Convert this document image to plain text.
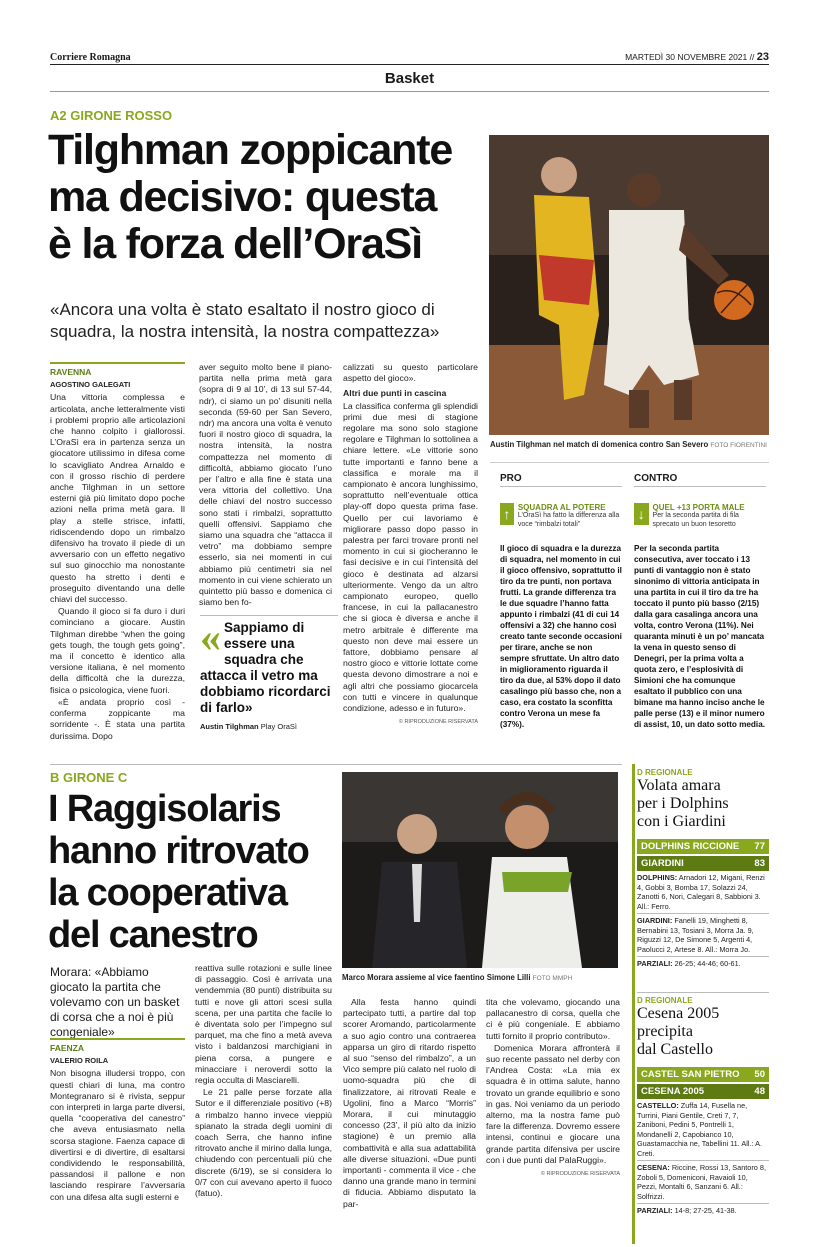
Corriere Romagna	MARTEDÌ 30 NOVEMBRE 2021 // 23
Basket
A2 GIRONE ROSSO
Tilghman zoppicante
ma decisivo: questa
è la forza dell’OraSì
«Ancora una volta è stato esaltato il nostro gioco di squadra, la nostra intensità, la nostra compattezza»
Austin Tilghman nel match di domenica contro San Severo FOTO FIORENTINI
RAVENNA
AGOSTINO GALEGATI

Una vittoria complessa e articolata, anche letteralmente visti i problemi proprio alle articolazioni che hanno colpito i giallorossi. L’OraSì era in partenza senza un giocatore utilissimo in difesa come lo scavigliato Andrea Arnaldo e con il grosso rischio di perdere anche Tilghman in un settore esterni già più limitato dopo poche azioni nella prima metà gara. Il play a stelle strisce, infatti, ridiscendendo dopo un rimbalzo difensivo ha trovato il piede di un avversario con un effetto negativo sul suo ginocchio ma nonostante questo ha stretto i denti e proseguito diventando una delle chiavi del successo.

Quando il gioco si fa duro i duri cominciano a giocare. Austin Tilghman direbbe “when the going gets tough, the tough gets going”, ma il concetto è identico alla versione italiana, è nel momento della difficoltà che la durezza, fisica o psicologica, viene fuori.

«È andata proprio così - conferma zoppicante ma sorridente -. È stata una partita durissima. Dopo

aver seguito molto bene il piano-partita nella prima metà gara (sopra di 9 al 10’, di 13 sul 57-44, ndr), ci siamo un po’ disuniti nella seconda (59-60 per San Severo, ndr) ma ancora una volta è venuto fuori il nostro gioco di squadra, la nostra intensità, la nostra compattezza nel momento di difficoltà, abbiamo giocato l’uno per l’altro e alla fine è stata una vera vittoria del collettivo. Una delle chiavi del nostro successo sono stati i rimbalzi, soprattutto quelli offensivi. Sappiamo che siamo una squadra che “attacca il vetro” ma dobbiamo sempre esserlo, sia nei momenti in cui abbiamo più centimetri sia nel momento in cui viene schierato un quintetto più basso e domenica ci siamo ben fo-

« Sappiamo di essere una squadra che attacca il vetro ma dobbiamo ricordarci di farlo»
Austin Tilghman Play OraSì

calizzati su questo particolare aspetto del gioco».

Altri due punti in cascina

La classifica conferma gli splendidi primi due mesi di stagione regolare ma sono solo stagione regolare e Tilghman lo sottolinea a chiare lettere. «Le vittorie sono tutte importanti e fanno bene a classifica e morale ma il campionato è ancora lunghissimo, soprattutto nell’eventuale ottica play-off dopo questa prima fase. Quello per cui lavoriamo è migliorare passo dopo passo in palestra per farci trovare pronti nel momento in cui si giocheranno le fasi decisive e in cui l’intensità del gioco è destinata ad alzarsi ulteriormente. Vengo da un altro campionato europeo, quello francese, in cui la pallacanestro che si gioca è diversa e anche il metro arbitrale è differente ma questo non deve mai essere un fattore, dobbiamo pensare al nostro gioco e vittorie lottate come questa devono dimostrare a noi e agli altri che possiamo giocarcela con tutti e vincere in qualunque condizione, adesso e in futuro».

© RIPRODUZIONE RISERVATA
PRO
↑ SQUADRA AL POTERE
L’OraSì ha fatto la differenza alla voce “rimbalzi totali”
Il gioco di squadra e la durezza di squadra, nel momento in cui il gioco offensivo, soprattutto il tiro da tre punti, non portava frutti. La grande differenza tra le due squadre l’hanno fatta appunto i rimbalzi (41 di cui 14 offensivi a 32) che hanno così creato tante seconde occasioni per tirare, anche se non sempre sfruttate. Un altro dato in miglioramento riguarda il tiro da due, al 53% dopo il dato casalingo più basso che, non a caso, era costato la sconfitta contro Verona un mese fa (37%).
CONTRO
↓ QUEL +13 PORTA MALE
Per la seconda partita di fila sprecato un buon tesoretto
Per la seconda partita consecutiva, aver toccato i 13 punti di vantaggio non è stato sinonimo di vittoria anticipata in una partita in cui il tiro da tre ha toccato il punto più basso (2/15) dalla gara casalinga ancora una volta, contro Verona (11%). Nei quaranta minuti è un po’ mancata la vena in questo senso di Denegri, per la prima volta a quota zero, e l’esplosività di Simioni che ha comunque esaltato il pubblico con una bimane ma hanno inciso anche le palle perse (13) e il minor numero di assist, 10, un dato sotto media.
B GIRONE C
I Raggisolaris
hanno ritrovato
la cooperativa
del canestro
Morara: «Abbiamo giocato la partita che volevamo con un basket di corsa che a noi è più congeniale»
Marco Morara assieme al vice faentino Simone Lilli FOTO MMPH
FAENZA
VALERIO ROILA

Non bisogna illudersi troppo, con questi chiari di luna, ma contro Montegranaro si è rivista, seppur con interpreti in larga parte diversi, quella “cooperativa del canestro” che aveva entusiasmato nella scorsa stagione. Faenza capace di divertirsi e di divertire, di esaltarsi condividendo le responsabilità, passandosi il pallone e non lasciando respirare l’avversaria con una difesa alta sugli esterni e

reattiva sulle rotazioni e sulle linee di passaggio. Così è arrivata una vendemmia (80 punti) distribuita su tutti e nove gli attori scesi sulla scena, per una partita che facile lo è diventata solo per l’impegno sul parquet, ma che fino a metà aveva visto i baldanzosi marchigiani in piena corsa, a pungere e minacciare i neroverdi sotto la regia occulta di Masciarelli.

Le 21 palle perse forzate alla Sutor e il differenziale positivo (+8) a rimbalzo hanno invece vieppiù spianato la strada degli uomini di coach Serra, che hanno infine ritrovato anche il mirino dalla lunga, chiudendo con percentuali più che discrete (6/19), se si considera lo 0/7 con cui avevano aperto il fuoco (fatuo).

Alla festa hanno quindi partecipato tutti, a partire dal top scorer Aromando, particolarmente a suo agio contro una contraerea apparsa un giro di ritardo rispetto al suo “senso del rimbalzo”, a un Vico sempre più calato nel ruolo di uomo-squadra più che di finalizzatore, ai ritrovati Reale e Ugolini, fino a Marco “Morris” Morara, il cui minutaggio concesso (23’, il più alto da inizio stagione) è un premio alla combattività e alla sua adattabilità alle diverse situazioni. «Due punti importanti - commenta il vice - che danno una grande mano in termini di fiducia. Abbiamo disputato la par-

tita che volevamo, giocando una pallacanestro di corsa, quella che ci è più congeniale. E abbiamo tutti fornito il proprio contributo».

Domenica Morara affronterà il suo recente passato nel derby con l’Andrea Costa: «La mia ex squadra è in ottima salute, hanno trovato un grande equilibrio e sono in gas. Noi veniamo da un periodo alterno, ma la nostra fame può fare la differenza. Dovremo essere intensi, continui e giocare una grande partita difensiva per uscire con i due punti dal PalaRuggi».

© RIPRODUZIONE RISERVATA
D REGIONALE
Volata amara
per i Dolphins
con i Giardini
DOLPHINS RICCIONE 77
GIARDINI	83
DOLPHINS: Arnadori 12, Migani, Renzi 4, Gobbi 3, Bomba 17, Solazzi 24, Zanotti 6, Nori, Calegari 8, Sabbioni 3. All.: Ferro.
GIARDINI: Fanelli 19, Minghetti 8, Bernabini 13, Tosiani 3, Morra Ja. 9, Riguzzi 12, De Simone 5, Argenti 4, Paolucci 2, Artese 8. All.: Morra Jo.
PARZIALI: 26-25; 44-46; 60-61.
D REGIONALE
Cesena 2005
precipita
dal Castello
CASTEL SAN PIETRO 50
CESENA 2005	48
CASTELLO: Zuffa 14, Fusella ne, Turrini, Piani Gentile, Creti 7, 7, Zaniboni, Pedini 5, Pontrelli 1, Mondanelli 2, Capobianco 10, Guastamacchia ne, Tabellini 11. All.: A. Creti.
CESENA: Riccine, Rossi 13, Santoro 8, Zoboli 5, Domeniconi, Ravaioli 10, Pezzi, Montalti 6, Sanzani 6. All.: Solfrizzi.
PARZIALI: 14-8; 27-25, 41-38.
